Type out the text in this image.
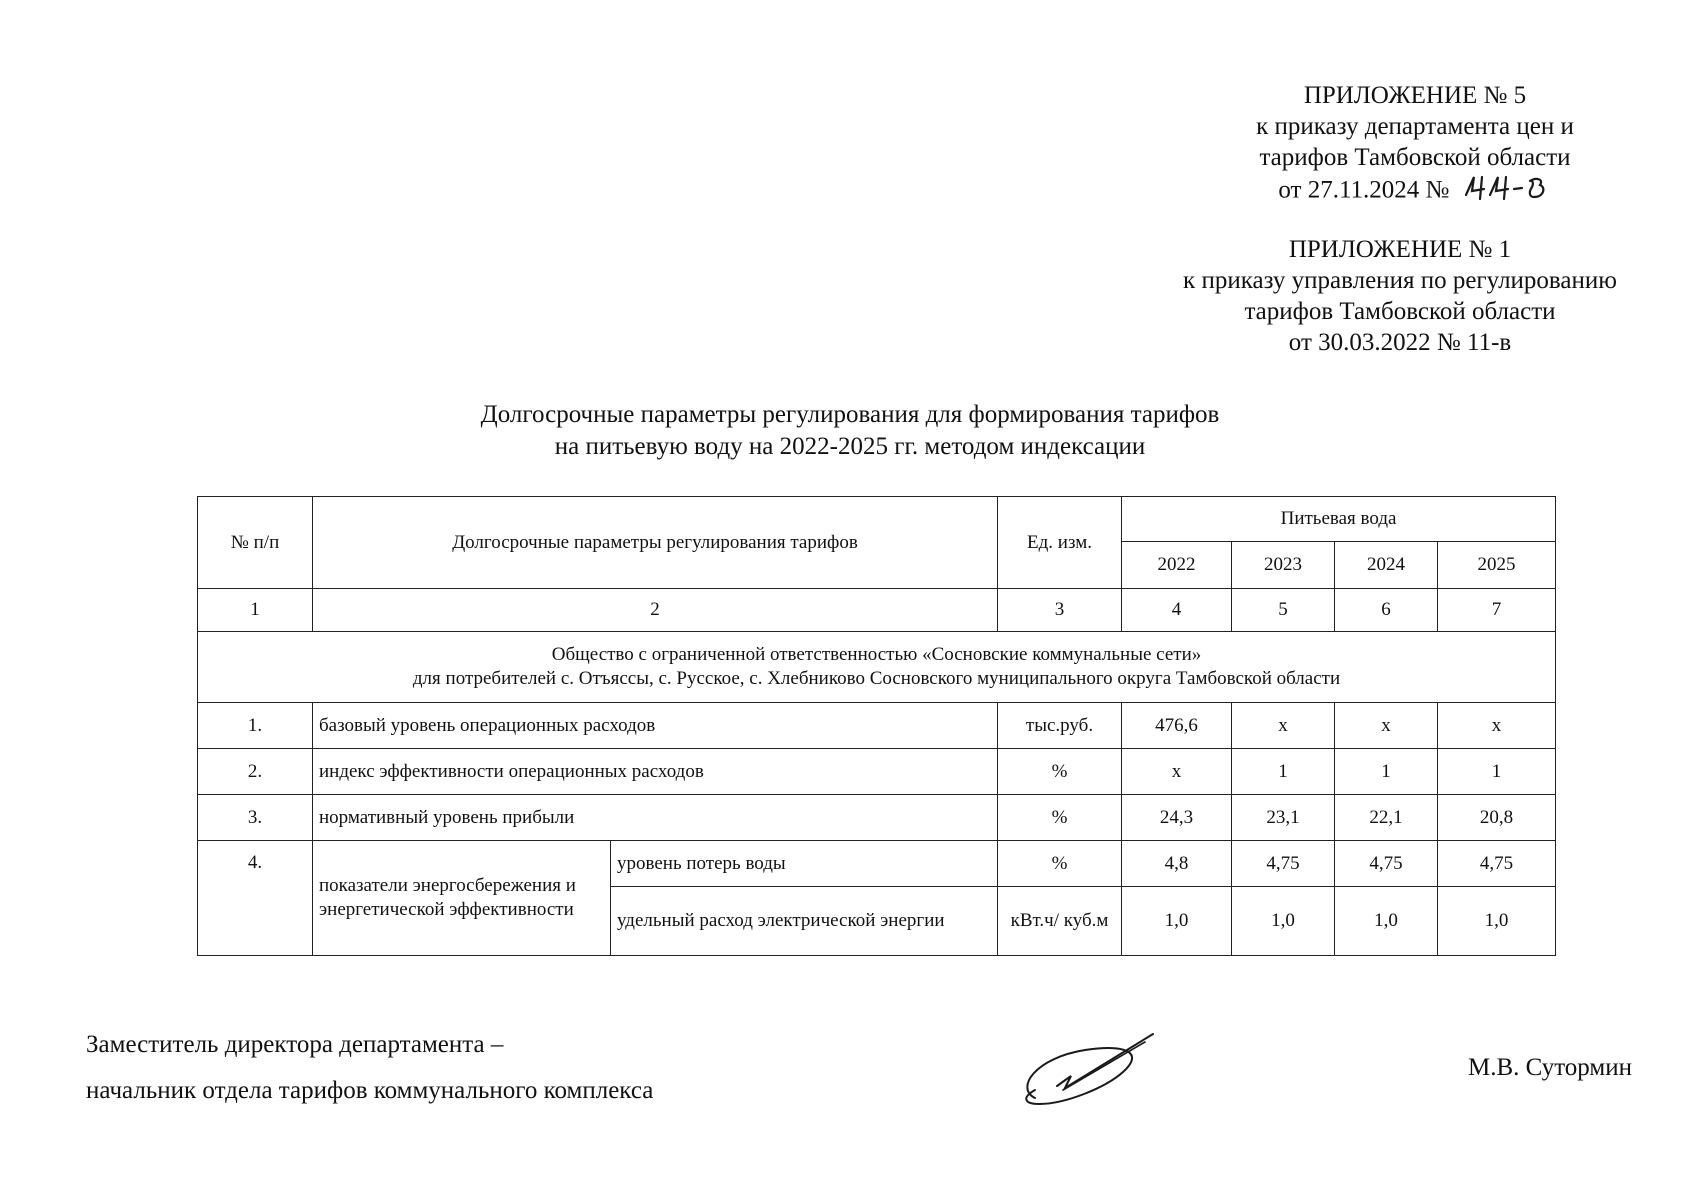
ПРИЛОЖЕНИЕ № 5
к приказу департамента цен и
тарифов Тамбовской области
от 27.11.2024 №
ПРИЛОЖЕНИЕ № 1
к приказу управления по регулированию
тарифов Тамбовской области
от 30.03.2022 № 11-в
Долгосрочные параметры регулирования для формирования тарифов
на питьевую воду на 2022-2025 гг. методом индексации
№ п/п	Долгосрочные параметры регулирования тарифов		Ед. изм.	Питьевая вода			
				2022	2023	2024	2025
1	2		3	4	5	6	7

Общество с ограниченной ответственностью «Сосновские коммунальные сети»
для потребителей с. Отъяссы, с. Русское, с. Хлебниково Сосновского муниципального округа Тамбовской области							

1.	базовый уровень операционных расходов		тыс.руб.	476,6	х	х	х
2.	индекс эффективности операционных расходов		%	х	1	1	1
3.	нормативный уровень прибыли		%	24,3	23,1	22,1	20,8
4.	показатели энергосбережения и энергетической эффективности	уровень потерь воды	%	4,8	4,75	4,75	4,75
		удельный расход электрической энергии	кВт.ч/ куб.м	1,0	1,0	1,0	1,0
Заместитель директора департамента –
начальник отдела тарифов коммунального комплекса
М.В. Сутормин
